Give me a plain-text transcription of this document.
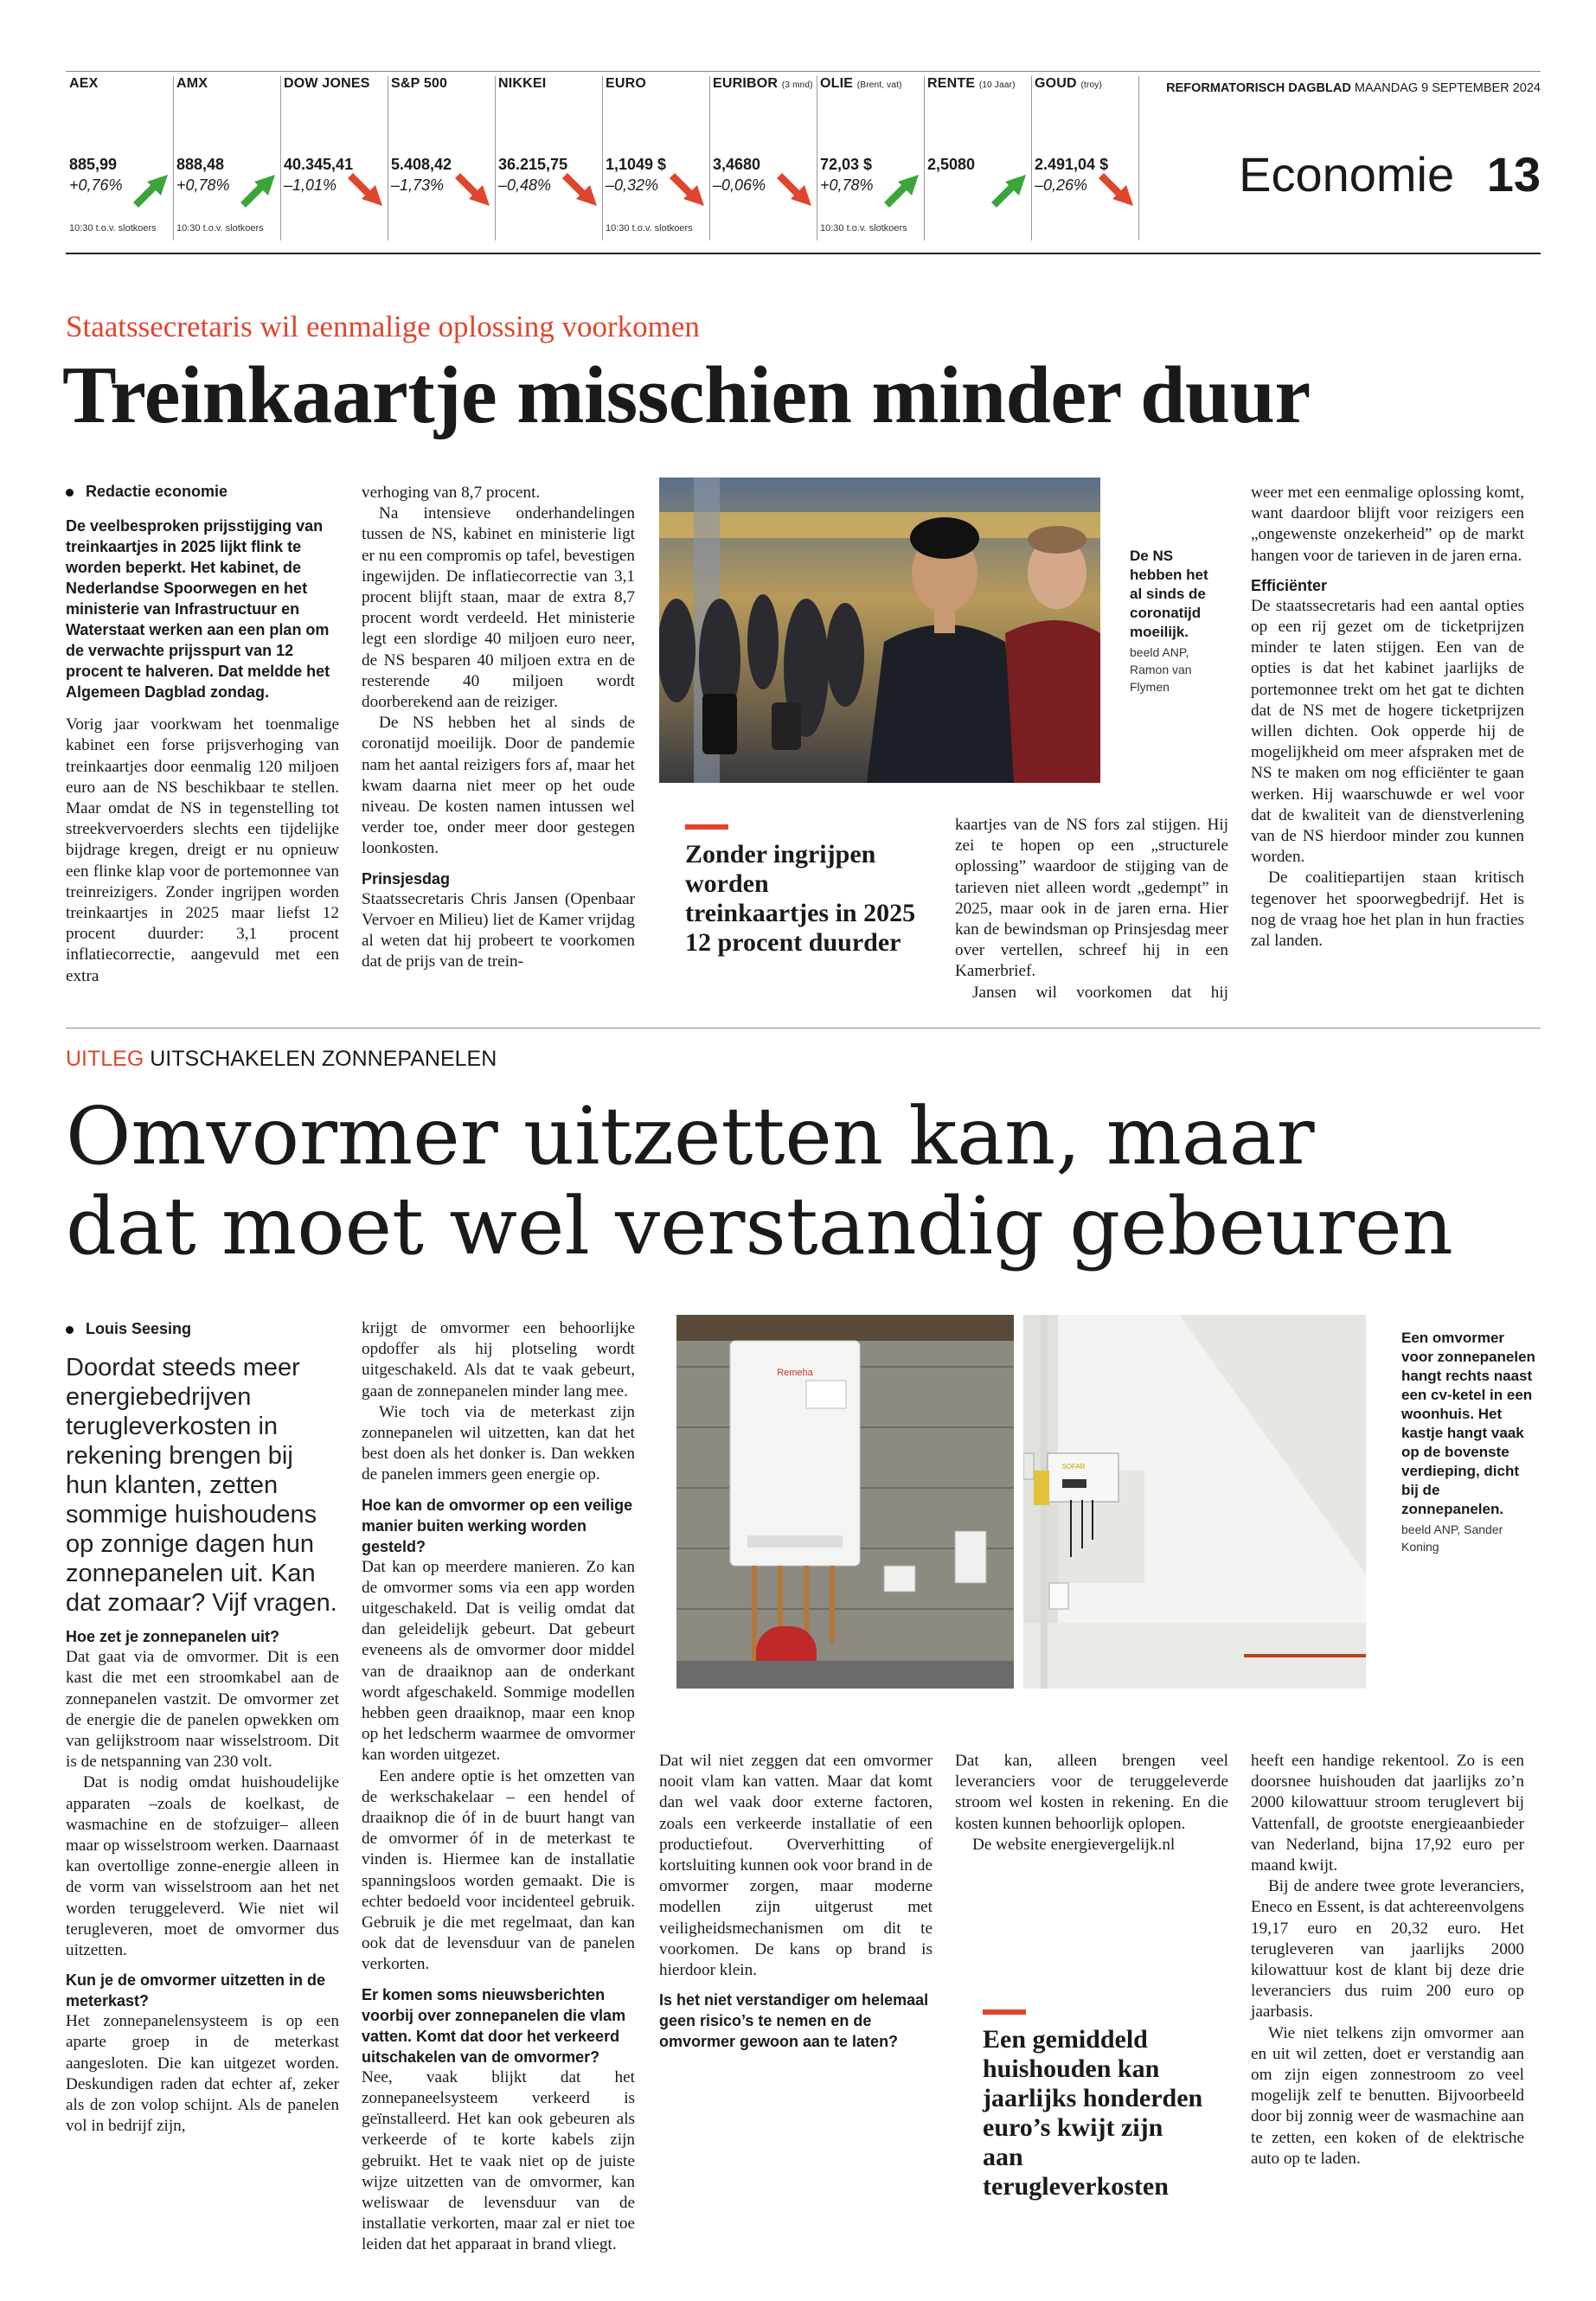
REFORMATORISCH DAGBLAD MAANDAG 9 SEPTEMBER 2024
Economie 13
AEX
885,99
+0,76%
10:30 t.o.v. slotkoers
AMX
888,48
+0,78%
10:30 t.o.v. slotkoers
DOW JONES
40.345,41
–1,01%
S&P 500
5.408,42
–1,73%
NIKKEI
36.215,75
–0,48%
EURO
1,1049 $
–0,32%
10:30 t.o.v. slotkoers
EURIBOR (3 mnd)
3,4680
–0,06%
OLIE (Brent, vat)
72,03 $
+0,78%
10:30 t.o.v. slotkoers
RENTE (10 Jaar)
2,5080
GOUD (troy)
2.491,04 $
–0,26%
Staatssecretaris wil eenmalige oplossing voorkomen
Treinkaartje misschien minder duur
Redactie economie

De veelbesproken prijsstijging van treinkaartjes in 2025 lijkt flink te worden beperkt. Het kabinet, de Nederlandse Spoorwegen en het ministerie van Infrastructuur en Waterstaat werken aan een plan om de verwachte prijsspurt van 12 procent te halveren. Dat meldde het Algemeen Dagblad zondag.

Vorig jaar voorkwam het toenmalige kabinet een forse prijsverhoging van treinkaartjes door eenmalig 120 miljoen euro aan de NS beschikbaar te stellen. Maar omdat de NS in tegenstelling tot streekvervoerders slechts een tijdelijke bijdrage kregen, dreigt er nu opnieuw een flinke klap voor de portemonnee van treinreizigers. Zonder ingrijpen worden treinkaartjes in 2025 maar liefst 12 procent duurder: 3,1 procent inflatiecorrectie, aangevuld met een extra

verhoging van 8,7 procent.

Na intensieve onderhandelingen tussen de NS, kabinet en ministerie ligt er nu een compromis op tafel, bevestigen ingewijden. De inflatiecorrectie van 3,1 procent blijft staan, maar de extra 8,7 procent wordt verdeeld. Het ministerie legt een slordige 40 miljoen euro neer, de NS besparen 40 miljoen extra en de resterende 40 miljoen wordt doorberekend aan de reiziger.

De NS hebben het al sinds de coronatijd moeilijk. Door de pandemie nam het aantal reizigers fors af, maar het kwam daarna niet meer op het oude niveau. De kosten namen intussen wel verder toe, onder meer door gestegen loonkosten.

Prinsjesdag

Staatssecretaris Chris Jansen (Openbaar Vervoer en Milieu) liet de Kamer vrijdag al weten dat hij probeert te voorkomen dat de prijs van de trein-

De NS hebben het al sinds de coronatijd moeilijk.
beeld ANP, Ramon van Flymen
Zonder ingrijpen worden treinkaartjes in 2025 12 procent duurder

kaartjes van de NS fors zal stijgen. Hij zei te hopen op een „structurele oplossing” waardoor de stijging van de tarieven niet alleen wordt „gedempt” in 2025, maar ook in de jaren erna. Hier kan de bewindsman op Prinsjesdag meer over vertellen, schreef hij in een Kamerbrief.

Jansen wil voorkomen dat hij

weer met een eenmalige oplossing komt, want daardoor blijft voor reizigers een „ongewenste onzekerheid” op de markt hangen voor de tarieven in de jaren erna.

Efficiënter

De staatssecretaris had een aantal opties op een rij gezet om de ticketprijzen minder te laten stijgen. Een van de opties is dat het kabinet jaarlijks de portemonnee trekt om het gat te dichten dat de NS met de hogere ticketprijzen willen dichten. Ook opperde hij de mogelijkheid om meer afspraken met de NS te maken om nog efficiënter te gaan werken. Hij waarschuwde er wel voor dat de kwaliteit van de dienstverlening van de NS hierdoor minder zou kunnen worden.

De coalitiepartijen staan kritisch tegenover het spoorwegbedrijf. Het is nog de vraag hoe het plan in hun fracties zal landen.

UITLEG UITSCHAKELEN ZONNEPANELEN
Omvormer uitzetten kan, maar
dat moet wel verstandig gebeuren
Louis Seesing

Doordat steeds meer energiebedrijven terugleverkosten in rekening brengen bij hun klanten, zetten sommige huishoudens op zonnige dagen hun zonnepanelen uit. Kan dat zomaar? Vijf vragen.

Hoe zet je zonnepanelen uit?

Dat gaat via de omvormer. Dit is een kast die met een stroomkabel aan de zonnepanelen vastzit. De omvormer zet de energie die de panelen opwekken om van gelijkstroom naar wisselstroom. Dit is de netspanning van 230 volt.

Dat is nodig omdat huishoudelijke apparaten –zoals de koelkast, de wasmachine en de stofzuiger– alleen maar op wisselstroom werken. Daarnaast kan overtollige zonne-energie alleen in de vorm van wisselstroom aan het net worden teruggeleverd. Wie niet wil terugleveren, moet de omvormer dus uitzetten.

Kun je de omvormer uitzetten in de meterkast?

Het zonnepanelensysteem is op een aparte groep in de meterkast aangesloten. Die kan uitgezet worden. Deskundigen raden dat echter af, zeker als de zon volop schijnt. Als de panelen vol in bedrijf zijn,

krijgt de omvormer een behoorlijke opdoffer als hij plotseling wordt uitgeschakeld. Als dat te vaak gebeurt, gaan de zonnepanelen minder lang mee.

Wie toch via de meterkast zijn zonnepanelen wil uitzetten, kan dat het best doen als het donker is. Dan wekken de panelen immers geen energie op.

Hoe kan de omvormer op een veilige manier buiten werking worden gesteld?

Dat kan op meerdere manieren. Zo kan de omvormer soms via een app worden uitgeschakeld. Dat is veilig omdat dat dan geleidelijk gebeurt. Dat gebeurt eveneens als de omvormer door middel van de draaiknop aan de onderkant wordt afgeschakeld. Sommige modellen hebben geen draaiknop, maar een knop op het ledscherm waarmee de omvormer kan worden uitgezet.

Een andere optie is het omzetten van de werkschakelaar – een hendel of draaiknop die óf in de buurt hangt van de omvormer óf in de meterkast te vinden is. Hiermee kan de installatie spanningsloos worden gemaakt. Die is echter bedoeld voor incidenteel gebruik. Gebruik je die met regelmaat, dan kan ook dat de levensduur van de panelen verkorten.

Er komen soms nieuwsberichten voorbij over zonnepanelen die vlam vatten. Komt dat door het verkeerd uitschakelen van de omvormer?

Nee, vaak blijkt dat het zonnepaneelsysteem verkeerd is geïnstalleerd. Het kan ook gebeuren als verkeerde of te korte kabels zijn gebruikt. Het te vaak niet op de juiste wijze uitzetten van de omvormer, kan weliswaar de levensduur van de installatie verkorten, maar zal er niet toe leiden dat het apparaat in brand vliegt.

Remeha
SOFAR
Een omvormer voor zonnepanelen hangt rechts naast een cv-ketel in een woonhuis. Het kastje hangt vaak op de bovenste verdieping, dicht bij de zonnepanelen.
beeld ANP, Sander Koning

Dat wil niet zeggen dat een omvormer nooit vlam kan vatten. Maar dat komt dan wel vaak door externe factoren, zoals een verkeerde installatie of een productiefout. Oververhitting of kortsluiting kunnen ook voor brand in de omvormer zorgen, maar moderne modellen zijn uitgerust met veiligheidsmechanismen om dit te voorkomen. De kans op brand is hierdoor klein.

Is het niet verstandiger om helemaal geen risico’s te nemen en de omvormer gewoon aan te laten?

Dat kan, alleen brengen veel leveranciers voor de teruggeleverde stroom wel kosten in rekening. En die kosten kunnen behoorlijk oplopen.

De website energievergelijk.nl

Een gemiddeld huishouden kan jaarlijks honderden euro’s kwijt zijn aan terugleverkosten

heeft een handige rekentool. Zo is een doorsnee huishouden dat jaarlijks zo’n 2000 kilowattuur stroom teruglevert bij Vattenfall, de grootste energieaanbieder van Nederland, bijna 17,92 euro per maand kwijt.

Bij de andere twee grote leveranciers, Eneco en Essent, is dat achtereenvolgens 19,17 euro en 20,32 euro. Het terugleveren van jaarlijks 2000 kilowattuur kost de klant bij deze drie leveranciers dus ruim 200 euro op jaarbasis.

Wie niet telkens zijn omvormer aan en uit wil zetten, doet er verstandig aan om zijn eigen zonnestroom zo veel mogelijk zelf te benutten. Bijvoorbeeld door bij zonnig weer de wasmachine aan te zetten, een koken of de elektrische auto op te laden.
